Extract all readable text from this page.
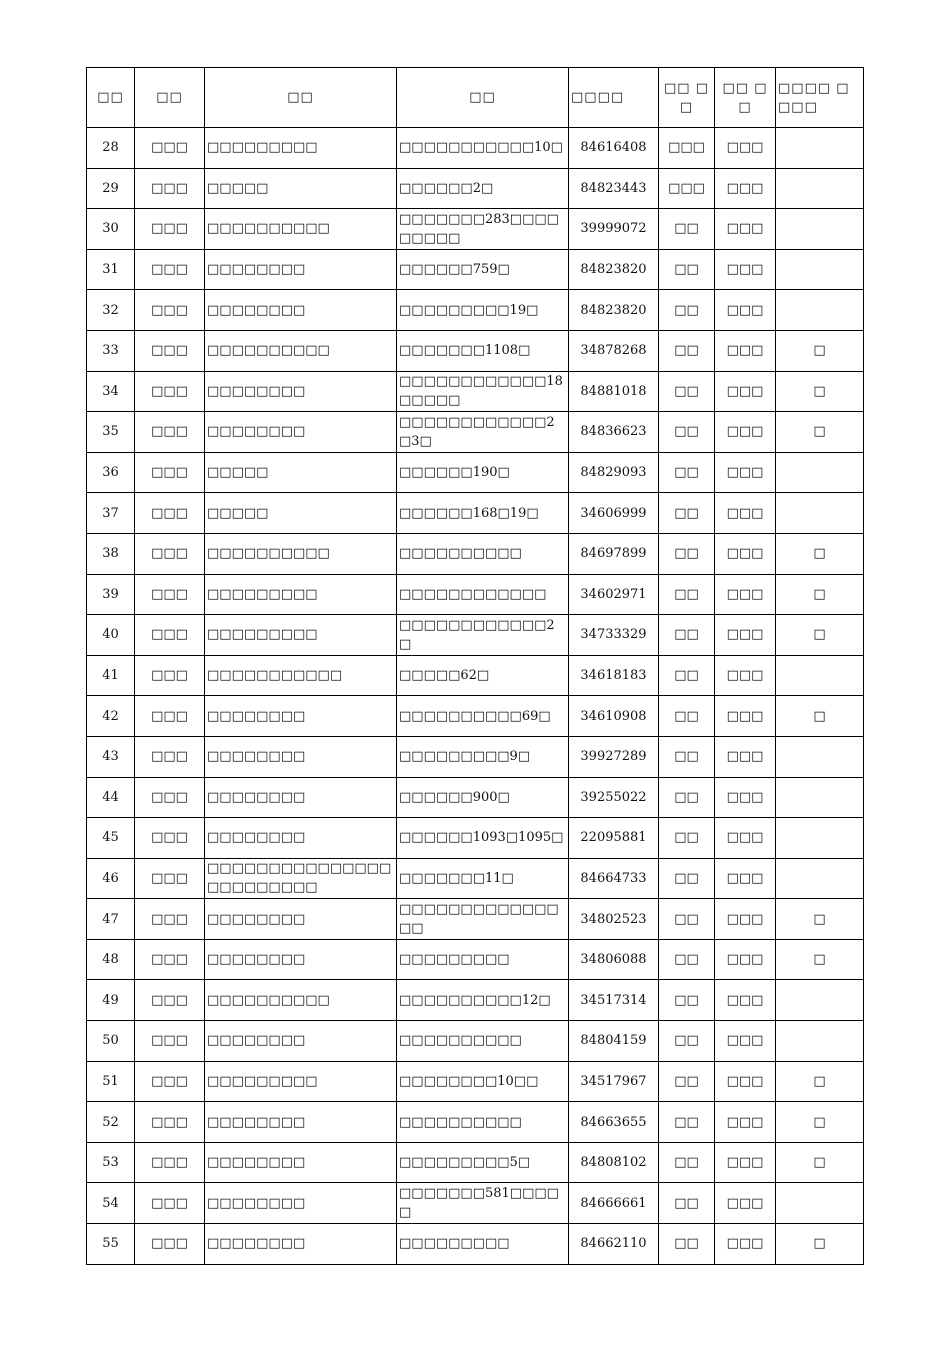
□□	□□	□□	□□	□□□□	□□ □□	□□ □□	□□□□ □□□□
28	□□□	□□□□□□□□□	□□□□□□□□□□□10□	84616408	□□□	□□□	
29	□□□	□□□□□	□□□□□□2□	84823443	□□□	□□□	
30	□□□	□□□□□□□□□□	□□□□□□□283□□□□□□□□□	39999072	□□	□□□	
31	□□□	□□□□□□□□	□□□□□□759□	84823820	□□	□□□	
32	□□□	□□□□□□□□	□□□□□□□□□19□	84823820	□□	□□□	
33	□□□	□□□□□□□□□□	□□□□□□□1108□	34878268	□□	□□□	□
34	□□□	□□□□□□□□	□□□□□□□□□□□□18□□□□□	84881018	□□	□□□	□
35	□□□	□□□□□□□□	□□□□□□□□□□□□2□3□	84836623	□□	□□□	□
36	□□□	□□□□□	□□□□□□190□	84829093	□□	□□□	
37	□□□	□□□□□	□□□□□□168□19□	34606999	□□	□□□	
38	□□□	□□□□□□□□□□	□□□□□□□□□□	84697899	□□	□□□	□
39	□□□	□□□□□□□□□	□□□□□□□□□□□□	34602971	□□	□□□	□
40	□□□	□□□□□□□□□	□□□□□□□□□□□□2□	34733329	□□	□□□	□
41	□□□	□□□□□□□□□□□	□□□□□62□	34618183	□□	□□□	
42	□□□	□□□□□□□□	□□□□□□□□□□69□	34610908	□□	□□□	□
43	□□□	□□□□□□□□	□□□□□□□□□9□	39927289	□□	□□□	
44	□□□	□□□□□□□□	□□□□□□900□	39255022	□□	□□□	
45	□□□	□□□□□□□□	□□□□□□1093□1095□	22095881	□□	□□□	
46	□□□	□□□□□□□□□□□□□□□□□□□□□□□□	□□□□□□□11□	84664733	□□	□□□	
47	□□□	□□□□□□□□	□□□□□□□□□□□□□□□	34802523	□□	□□□	□
48	□□□	□□□□□□□□	□□□□□□□□□	34806088	□□	□□□	□
49	□□□	□□□□□□□□□□	□□□□□□□□□□12□	34517314	□□	□□□	
50	□□□	□□□□□□□□	□□□□□□□□□□	84804159	□□	□□□	
51	□□□	□□□□□□□□□	□□□□□□□□10□□	34517967	□□	□□□	□
52	□□□	□□□□□□□□	□□□□□□□□□□	84663655	□□	□□□	□
53	□□□	□□□□□□□□	□□□□□□□□□5□	84808102	□□	□□□	□
54	□□□	□□□□□□□□	□□□□□□□581□□□□□	84666661	□□	□□□	
55	□□□	□□□□□□□□	□□□□□□□□□	84662110	□□	□□□	□
